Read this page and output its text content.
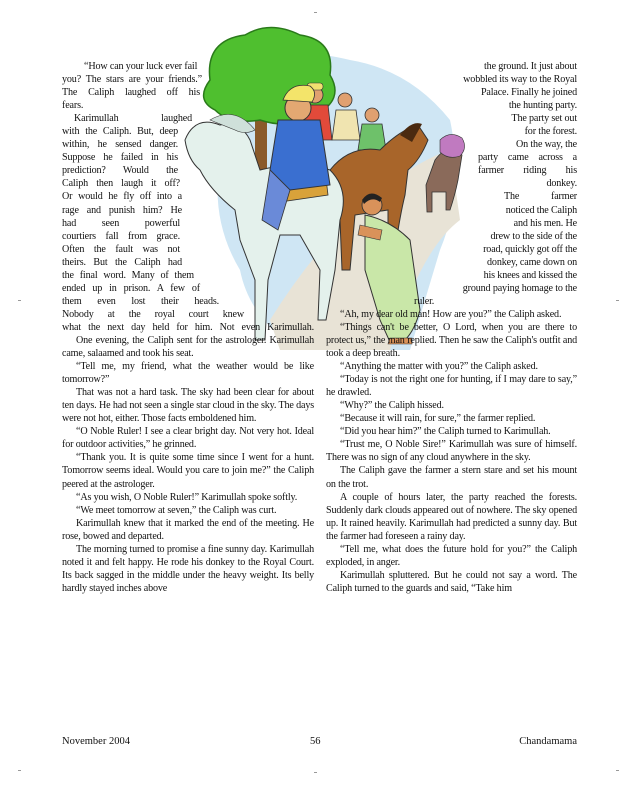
“How can your luck ever fail
you? The stars are your friends.”
The Caliph laughed off his
fears.
Karimullah laughed
with the Caliph. But, deep
within, he sensed danger.
Suppose he failed in his
prediction? Would the
Caliph then laugh it off?
Or would he fly off into a
rage and punish him? He
had seen powerful
courtiers fall from grace.
Often the fault was not
theirs. But the Caliph had
the final word. Many of them
ended up in prison. A few of
them even lost their heads.
Nobody at the royal court knew
what the next day held for him. Not even Karimullah.

One evening, the Caliph sent for the astrologer. Karimullah came, salaamed and took his seat.

“Tell me, my friend, what the weather would be like tomorrow?”

That was not a hard task. The sky had been clear for about ten days. He had not seen a single star cloud in the sky. The days were not hot, either. Those facts emboldened him.

“O Noble Ruler! I see a clear bright day. Not very hot. Ideal for outdoor activities,” he grinned.

“Thank you. It is quite some time since I went for a hunt. Tomorrow seems ideal. Would you care to join me?” the Caliph peered at the astrologer.

“As you wish, O Noble Ruler!” Karimullah spoke softly.

“We meet tomorrow at seven,” the Caliph was curt.

Karimullah knew that it marked the end of the meeting. He rose, bowed and departed.

The morning turned to promise a fine sunny day. Karimullah noted it and felt happy. He rode his donkey to the Royal Court. Its back sagged in the middle under the heavy weight. Its belly hardly stayed inches above

the ground. It just about
wobbled its way to the Royal
Palace. Finally he joined
the hunting party.
The party set out
for the forest.
On the way, the
party came across a
farmer riding his
donkey.
The farmer
noticed the Caliph
and his men. He
drew to the side of the
road, quickly got off the
donkey, came down on
his knees and kissed the
ground paying homage to the
ruler.

“Ah, my dear old man! How are you?” the Caliph asked.

“Things can't be better, O Lord, when you are there to protect us,” the man replied. Then he saw the Caliph's outfit and took a deep breath.

“Anything the matter with you?” the Caliph asked.

“Today is not the right one for hunting, if I may dare to say,” he drawled.

“Why?” the Caliph hissed.

“Because it will rain, for sure,” the farmer replied.

“Did you hear him?” the Caliph turned to Karimullah.

“Trust me, O Noble Sire!” Karimullah was sure of himself. There was no sign of any cloud anywhere in the sky.

The Caliph gave the farmer a stern stare and set his mount on the trot.

A couple of hours later, the party reached the forests. Suddenly dark clouds appeared out of nowhere. The sky opened up. It rained heavily. Karimullah had predicted a sunny day. But the farmer had foreseen a rainy day.

“Tell me, what does the future hold for you?” the Caliph exploded, in anger.

Karimullah spluttered. But he could not say a word. The Caliph turned to the guards and said, “Take him

November 2004	56	Chandamama
